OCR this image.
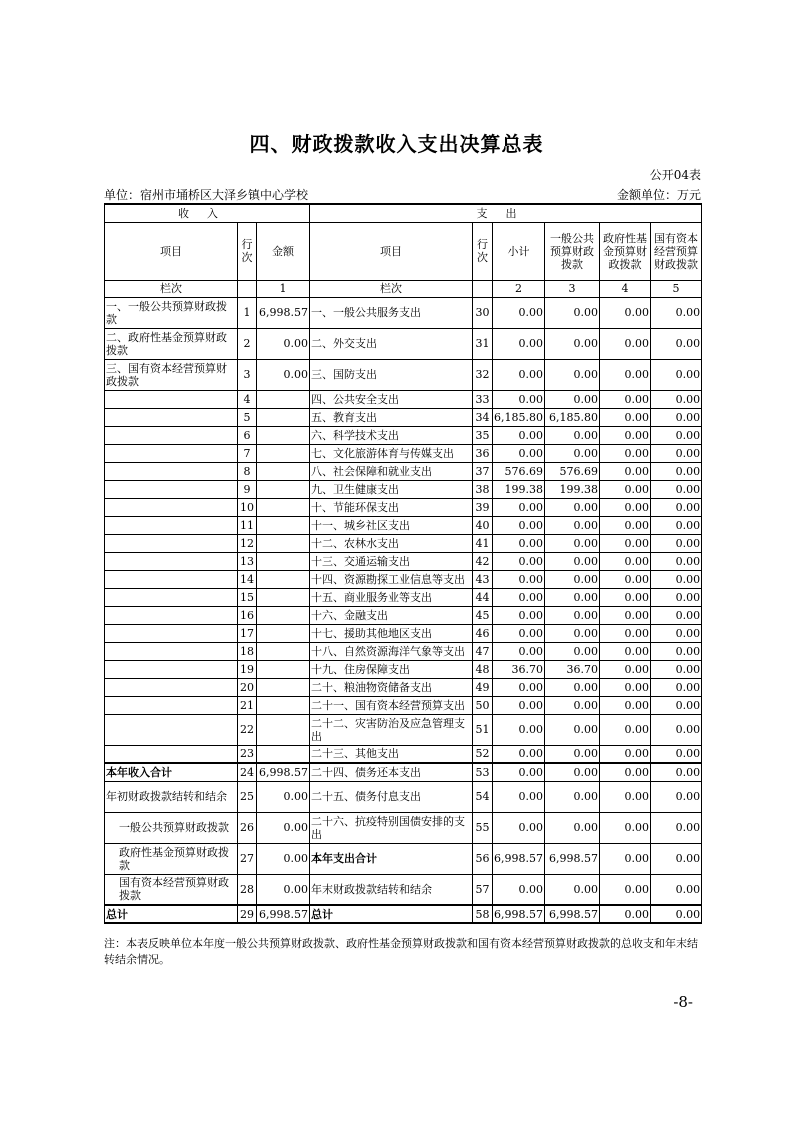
四、财政拨款收入支出决算总表
公开04表
单位：宿州市埇桥区大泽乡镇中心学校	金额单位：万元
收入			支出					
项目	行次	金额	项目	行次	小计	一般公共预算财政拨款	政府性基金预算财政拨款	国有资本经营预算财政拨款
栏次		1	栏次		2	3	4	5
一、一般公共预算财政拨款	1	6,998.57	一、一般公共服务支出	30	0.00	0.00	0.00	0.00
二、政府性基金预算财政拨款	2	0.00	二、外交支出	31	0.00	0.00	0.00	0.00
三、国有资本经营预算财政拨款	3	0.00	三、国防支出	32	0.00	0.00	0.00	0.00
	4		四、公共安全支出	33	0.00	0.00	0.00	0.00
	5		五、教育支出	34	6,185.80	6,185.80	0.00	0.00
	6		六、科学技术支出	35	0.00	0.00	0.00	0.00
	7		七、文化旅游体育与传媒支出	36	0.00	0.00	0.00	0.00
	8		八、社会保障和就业支出	37	576.69	576.69	0.00	0.00
	9		九、卫生健康支出	38	199.38	199.38	0.00	0.00
	10		十、节能环保支出	39	0.00	0.00	0.00	0.00
	11		十一、城乡社区支出	40	0.00	0.00	0.00	0.00
	12		十二、农林水支出	41	0.00	0.00	0.00	0.00
	13		十三、交通运输支出	42	0.00	0.00	0.00	0.00
	14		十四、资源勘探工业信息等支出	43	0.00	0.00	0.00	0.00
	15		十五、商业服务业等支出	44	0.00	0.00	0.00	0.00
	16		十六、金融支出	45	0.00	0.00	0.00	0.00
	17		十七、援助其他地区支出	46	0.00	0.00	0.00	0.00
	18		十八、自然资源海洋气象等支出	47	0.00	0.00	0.00	0.00
	19		十九、住房保障支出	48	36.70	36.70	0.00	0.00
	20		二十、粮油物资储备支出	49	0.00	0.00	0.00	0.00
	21		二十一、国有资本经营预算支出	50	0.00	0.00	0.00	0.00
	22		二十二、灾害防治及应急管理支出	51	0.00	0.00	0.00	0.00
	23		二十三、其他支出	52	0.00	0.00	0.00	0.00
本年收入合计	24	6,998.57	二十四、债务还本支出	53	0.00	0.00	0.00	0.00
年初财政拨款结转和结余	25	0.00	二十五、债务付息支出	54	0.00	0.00	0.00	0.00
一般公共预算财政拨款	26	0.00	二十六、抗疫特别国债安排的支出	55	0.00	0.00	0.00	0.00
政府性基金预算财政拨款	27	0.00	本年支出合计	56	6,998.57	6,998.57	0.00	0.00
国有资本经营预算财政拨款	28	0.00	年末财政拨款结转和结余	57	0.00	0.00	0.00	0.00
总计	29	6,998.57	总计	58	6,998.57	6,998.57	0.00	0.00
注：本表反映单位本年度一般公共预算财政拨款、政府性基金预算财政拨款和国有资本经营预算财政拨款的总收支和年末结转结余情况。
-8-
